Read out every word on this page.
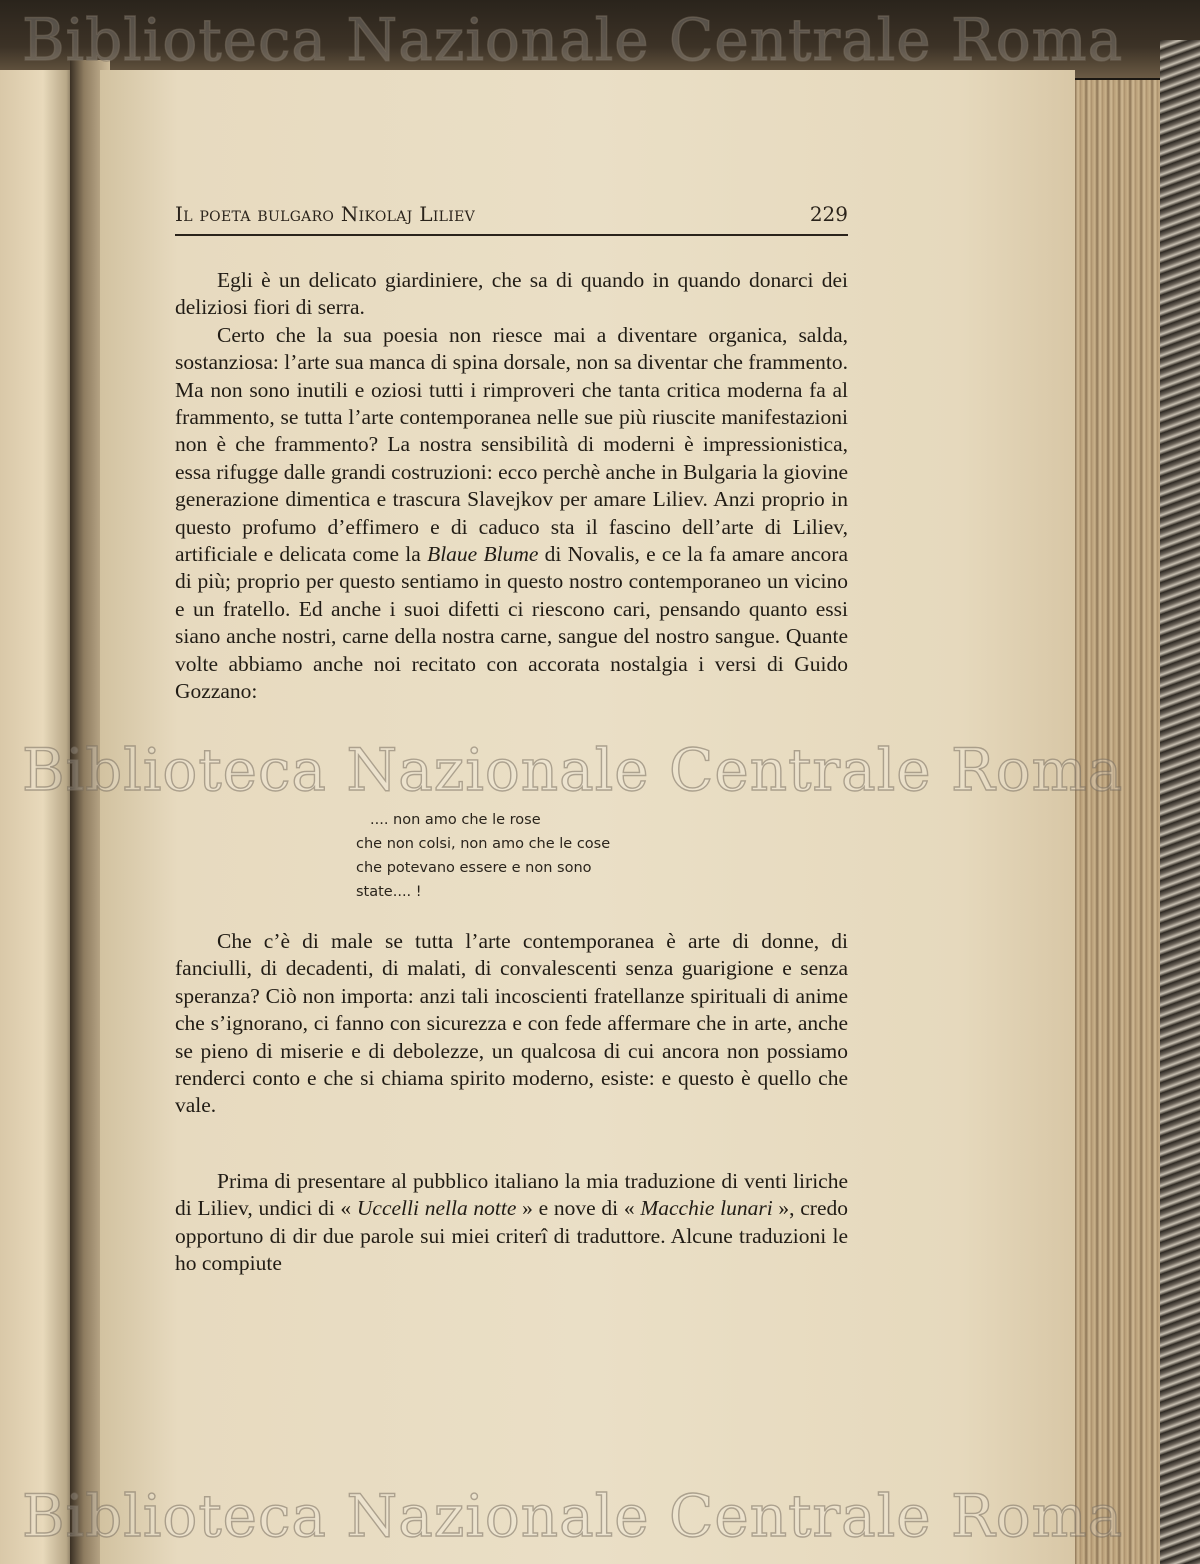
Il poeta bulgaro Nikolaj Liliev	229

Egli è un delicato giardiniere, che sa di quando in quando donarci dei deliziosi fiori di serra.

Certo che la sua poesia non riesce mai a diventare organica, salda, sostanziosa: l’arte sua manca di spina dorsale, non sa diventar che frammento. Ma non sono inutili e oziosi tutti i rimproveri che tanta critica moderna fa al frammento, se tutta l’arte contemporanea nelle sue più riuscite manifestazioni non è che frammento? La nostra sensibilità di moderni è impressionistica, essa rifugge dalle grandi costruzioni: ecco perchè anche in Bulgaria la giovine generazione dimentica e trascura Slavejkov per amare Liliev. Anzi proprio in questo profumo d’effimero e di caduco sta il fascino dell’arte di Liliev, artificiale e delicata come la Blaue Blume di Novalis, e ce la fa amare ancora di più; proprio per questo sentiamo in questo nostro contemporaneo un vicino e un fratello. Ed anche i suoi difetti ci riescono cari, pensando quanto essi siano anche nostri, carne della nostra carne, sangue del nostro sangue. Quante volte abbiamo anche noi recitato con accorata nostalgia i versi di Guido Gozzano:

.... non amo che le rose
che non colsi, non amo che le cose
che potevano essere e non sono
state.... !

Che c’è di male se tutta l’arte contemporanea è arte di donne, di fanciulli, di decadenti, di malati, di convalescenti senza guarigione e senza speranza? Ciò non importa: anzi tali incoscienti fratellanze spirituali di anime che s’ignorano, ci fanno con sicurezza e con fede affermare che in arte, anche se pieno di miserie e di debolezze, un qualcosa di cui ancora non possiamo renderci conto e che si chiama spirito moderno, esiste: e questo è quello che vale.

Prima di presentare al pubblico italiano la mia traduzione di venti liriche di Liliev, undici di « Uccelli nella notte » e nove di « Macchie lunari », credo opportuno di dir due parole sui miei criterî di traduttore. Alcune traduzioni le ho compiute

Biblioteca Nazionale Centrale Roma
Biblioteca Nazionale Centrale Roma
Biblioteca Nazionale Centrale Roma
